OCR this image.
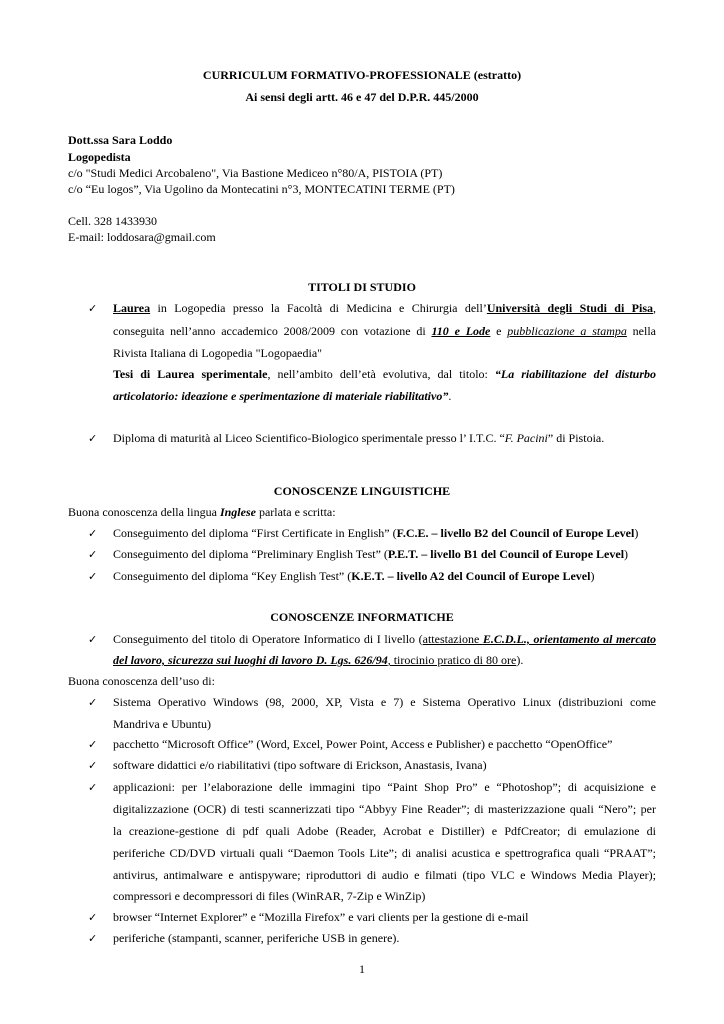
CURRICULUM FORMATIVO-PROFESSIONALE (estratto)
Ai sensi degli artt. 46 e 47 del D.P.R. 445/2000
Dott.ssa Sara Loddo
Logopedista
c/o "Studi Medici Arcobaleno", Via Bastione Mediceo n°80/A, PISTOIA (PT)
c/o “Eu logos”, Via Ugolino da Montecatini n°3, MONTECATINI TERME (PT)
Cell. 328 1433930
E-mail: loddosara@gmail.com
TITOLI DI STUDIO
✓ Laurea in Logopedia presso la Facoltà di Medicina e Chirurgia dell’Università degli Studi di Pisa,
conseguita nell’anno accademico 2008/2009 con votazione di 110 e Lode e pubblicazione a stampa nella
Rivista Italiana di Logopedia "Logopaedia"
Tesi di Laurea sperimentale, nell’ambito dell’età evolutiva, dal titolo: “La riabilitazione del disturbo
articolatorio: ideazione e sperimentazione di materiale riabilitativo”.
✓ Diploma di maturità al Liceo Scientifico-Biologico sperimentale presso l’ I.T.C. “F. Pacini” di Pistoia.
CONOSCENZE LINGUISTICHE
Buona conoscenza della lingua Inglese parlata e scritta:
✓ Conseguimento del diploma “First Certificate in English” (F.C.E. – livello B2 del Council of Europe Level)
✓ Conseguimento del diploma “Preliminary English Test” (P.E.T. – livello B1 del Council of Europe Level)
✓ Conseguimento del diploma “Key English Test” (K.E.T. – livello A2 del Council of Europe Level)
CONOSCENZE INFORMATICHE
✓ Conseguimento del titolo di Operatore Informatico di I livello (attestazione E.C.D.L., orientamento al mercato
del lavoro, sicurezza sui luoghi di lavoro D. Lgs. 626/94, tirocinio pratico di 80 ore).
Buona conoscenza dell’uso di:
✓ Sistema Operativo Windows (98, 2000, XP, Vista e 7) e Sistema Operativo Linux (distribuzioni come
Mandriva e Ubuntu)
✓ pacchetto “Microsoft Office” (Word, Excel, Power Point, Access e Publisher) e pacchetto “OpenOffice”
✓ software didattici e/o riabilitativi (tipo software di Erickson, Anastasis, Ivana)
✓ applicazioni: per l’elaborazione delle immagini tipo “Paint Shop Pro” e “Photoshop”; di acquisizione e
digitalizzazione (OCR) di testi scannerizzati tipo “Abbyy Fine Reader”; di masterizzazione quali “Nero”; per
la creazione-gestione di pdf quali Adobe (Reader, Acrobat e Distiller) e PdfCreator; di emulazione di
periferiche CD/DVD virtuali quali “Daemon Tools Lite”; di analisi acustica e spettrografica quali “PRAAT”;
antivirus, antimalware e antispyware; riproduttori di audio e filmati (tipo VLC e Windows Media Player);
compressori e decompressori di files (WinRAR, 7-Zip e WinZip)
✓ browser “Internet Explorer” e “Mozilla Firefox” e vari clients per la gestione di e-mail
✓ periferiche (stampanti, scanner, periferiche USB in genere).
1
